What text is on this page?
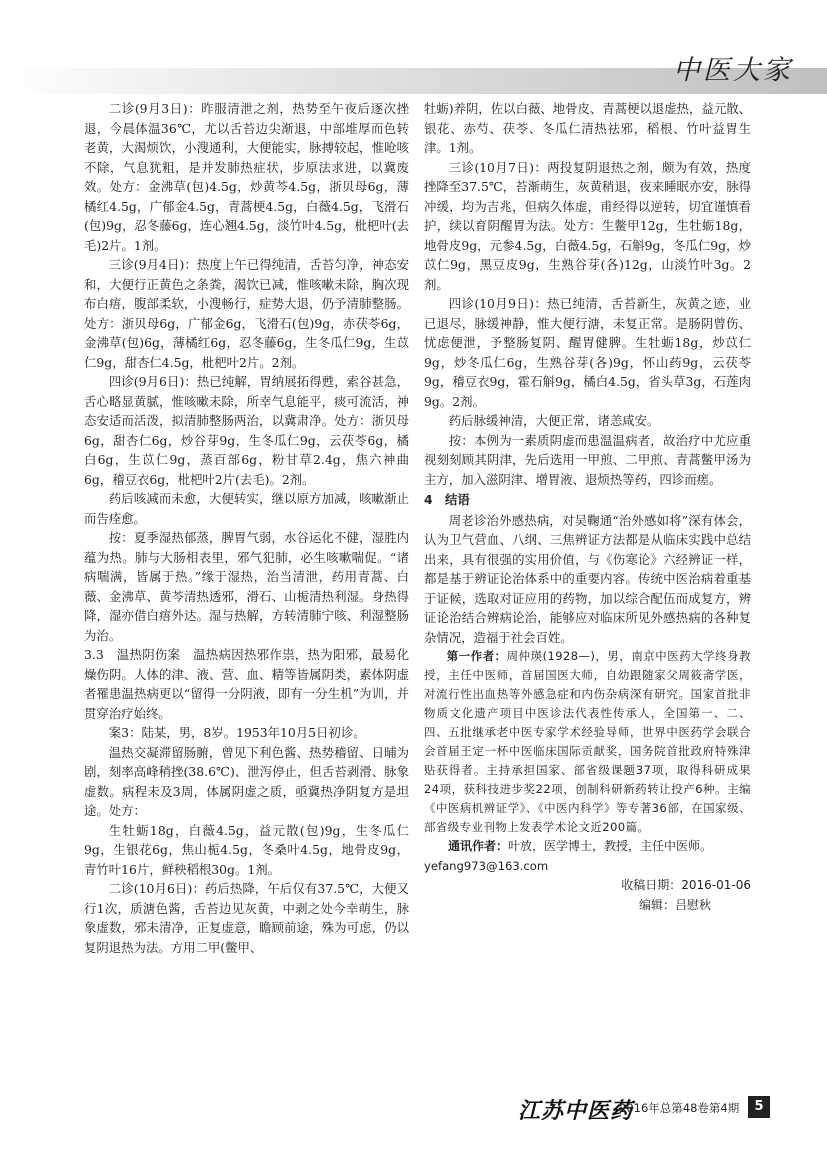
中医大家

二诊(9月3日)：昨服清泄之剂，热势至午夜后逐次挫退，今晨体温36℃，尤以舌苔边尖渐退，中部堆厚而色转老黄，大渴烦饮，小溲通利，大便能实，脉搏较起，惟呛咳不除，气息犹粗，是并发肺热症状，步原法求进，以冀废效。处方：金沸草(包)4.5g，炒黄芩4.5g，浙贝母6g，薄橘红4.5g，广郁金4.5g，青蒿梗4.5g，白薇4.5g，飞滑石(包)9g，忍冬藤6g，连心翘4.5g，淡竹叶4.5g，枇杷叶(去毛)2片。1剂。

三诊(9月4日)：热度上午已得纯清，舌苔匀净，神态安和，大便行正黄色之条粪，渴饮已减，惟咳嗽未除，胸次现布白痦，腹部柔软，小溲畅行，症势大退，仍予清肺整肠。处方：浙贝母6g，广郁金6g，飞滑石(包)9g，赤茯苓6g，金沸草(包)6g，薄橘红6g，忍冬藤6g，生冬瓜仁9g，生苡仁9g，甜杏仁4.5g，枇杷叶2片。2剂。

四诊(9月6日)：热已纯解，胃纳展拓得甦，索谷甚急，舌心略显黄腻，惟咳嗽未除，所幸气息能平，痰可流活，神态安适而活泼，拟清肺整肠两治，以冀肃净。处方：浙贝母6g，甜杏仁6g，炒谷芽9g，生冬瓜仁9g，云茯苓6g，橘白6g，生苡仁9g，蒸百部6g，粉甘草2.4g，焦六神曲6g，稽豆衣6g，枇杷叶2片(去毛)。2剂。

药后咳减而未愈，大便转实，继以原方加减，咳嗽渐止而告痊愈。

按：夏季湿热郁蒸，脾胃气弱，水谷运化不健，湿胜内蕴为热。肺与大肠相表里，邪气犯肺，必生咳嗽喘促。“诸病喘满，皆属于热。”缘于湿热，治当清泄，药用青蒿、白薇、金沸草、黄芩清热透邪，滑石、山栀清热利湿。身热得降，湿亦借白痦外达。湿与热解，方转清肺宁咳、利湿整肠为治。

3.3　温热阴伤案　温热病因热邪作祟，热为阳邪，最易化燥伤阴。人体的津、液、营、血、精等皆属阴类，素体阴虚者罹患温热病更以“留得一分阴液，即有一分生机”为训，并贯穿治疗始终。

案3：陆某，男，8岁。1953年10月5日初诊。

温热交凝滞留肠腑，曾见下利色酱、热势稽留、日晡为剧，刻率高峰稍挫(38.6℃)、泄泻停止，但舌苔剥滑、脉象虚数。病程未及3周，体属阴虚之质，亟冀热净阴复方是坦途。处方：

生牡蛎18g，白薇4.5g，益元散(包)9g，生冬瓜仁9g，生银花6g，焦山栀4.5g，冬桑叶4.5g，地骨皮9g，青竹叶16片，鲜秧稻根30g。1剂。

二诊(10月6日)：药后热降，午后仅有37.5℃，大便又行1次，质溏色酱，舌苔边见灰黄，中剥之处今幸萌生，脉象虚数，邪未清净，正复虚意，瞻顾前途，殊为可虑，仍以复阴退热为法。方用二甲(鳖甲、

牡蛎)养阴，佐以白薇、地骨皮、青蒿梗以退虚热，益元散、银花、赤芍、茯苓、冬瓜仁清热祛邪，稻根、竹叶益胃生津。1剂。

三诊(10月7日)：两投复阴退热之剂，颇为有效，热度挫降至37.5℃，苔渐萌生，灰黄稍退，夜来睡眠亦安，脉得冲缓，均为吉兆，但病久体虚，甫经得以逆转，切宜谨慎看护，续以育阴醒胃为法。处方：生鳖甲12g，生牡蛎18g，地骨皮9g，元参4.5g，白薇4.5g，石斛9g，冬瓜仁9g，炒苡仁9g，黑豆皮9g，生熟谷芽(各)12g，山淡竹叶3g。2剂。

四诊(10月9日)：热已纯清，舌苔新生，灰黄之迹，业已退尽，脉缓神静，惟大便行溏，未复正常。是肠阴曾伤、忧虑便泄，予整肠复阴、醒胃健脾。生牡蛎18g，炒苡仁9g，炒冬瓜仁6g，生熟谷芽(各)9g，怀山药9g，云茯苓9g，稽豆衣9g，霍石斛9g，橘白4.5g，省头草3g，石莲肉9g。2剂。

药后脉缓神清，大便正常，诸恙咸安。

按：本例为一素质阴虚而患温温病者，故治疗中尤应重视刻刻顾其阴津，先后选用一甲煎、二甲煎、青蒿鳖甲汤为主方，加入滋阴津、增胃液、退烦热等药，四诊而瘥。

4　结语

周老诊治外感热病，对吴鞠通“治外感如将”深有体会，认为卫气营血、八纲、三焦辨证方法都是从临床实践中总结出来，具有很强的实用价值，与《伤寒论》六经辨证一样，都是基于辨证论治体系中的重要内容。传统中医治病着重基于证候，选取对证应用的药物，加以综合配伍而成复方，辨证论治结合辨病论治，能够应对临床所见外感热病的各种复杂情况，造福于社会百姓。

第一作者：周仲瑛(1928—)，男，南京中医药大学终身教授，主任中医师，首届国医大师，自幼跟随家父周筱斋学医，对流行性出血热等外感急症和内伤杂病深有研究。国家首批非物质文化遗产项目中医诊法代表性传承人，全国第一、二、四、五批继承老中医专家学术经验导师，世界中医药学会联合会首届王定一杯中医临床国际贡献奖，国务院首批政府特殊津贴获得者。主持承担国家、部省级课题37项，取得科研成果24项，获科技进步奖22项，创制科研新药转让投产6种。主编《中医病机辨证学》、《中医内科学》等专著36部，在国家级、部省级专业刊物上发表学术论文近200篇。

通讯作者：叶放，医学博士，教授，主任中医师。

yefang973@163.com

收稿日期：2016-01-06

编辑：吕慰秋

江苏中医药
2016年总第48卷第4期	5
